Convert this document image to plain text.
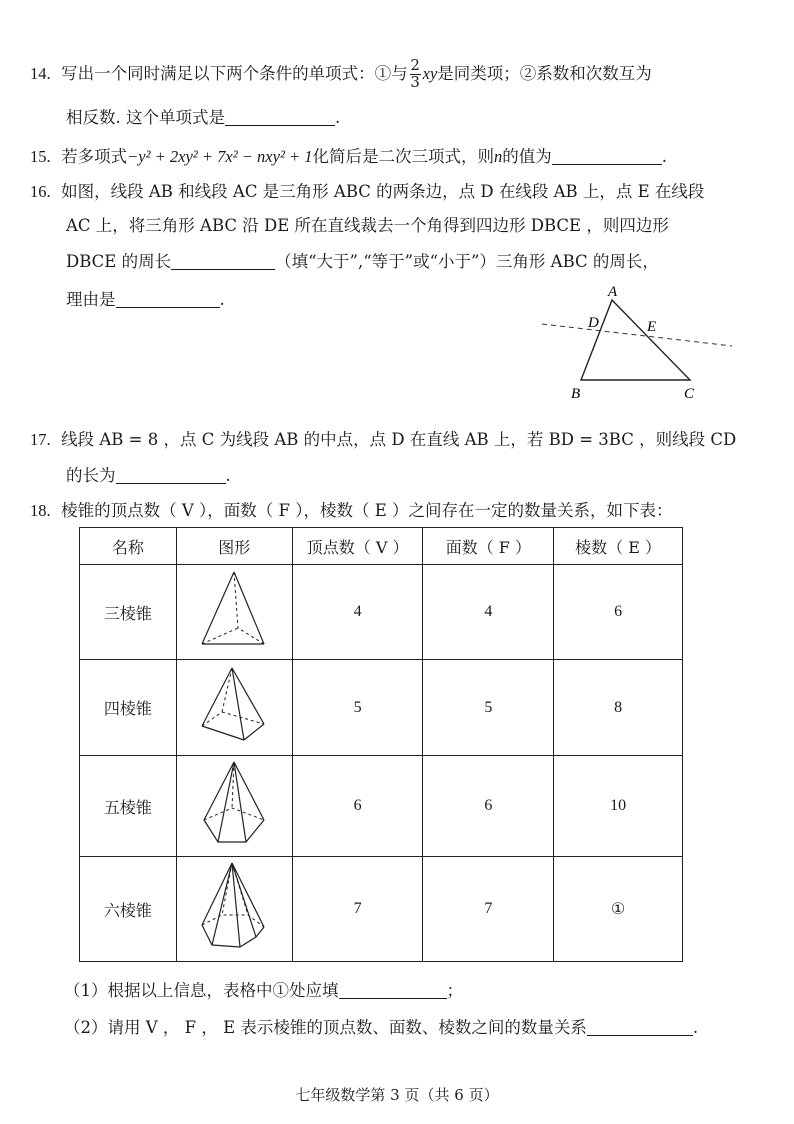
14. 写出一个同时满足以下两个条件的单项式：①与 $\frac{2}{3}$ xy是同类项；②系数和次数互为
相反数. 这个单项式是	.
15. 若多项式−y² + 2xy² + 7x² − nxy² + 1化简后是二次三项式，则n的值为	.
16. 如图，线段 AB 和线段 AC 是三角形 ABC 的两条边，点 D 在线段 AB 上，点 E 在线段
AC 上，将三角形 ABC 沿 DE 所在直线裁去一个角得到四边形 DBCE ，则四边形
DBCE 的周长	（填“大于”,“等于”或“小于”）三角形 ABC 的周长，
理由是	.	A
D	E
B	C
17. 线段 AB = 8 ，点 C 为线段 AB 的中点，点 D 在直线 AB 上，若 BD = 3BC ，则线段 CD
的长为	.
18. 棱锥的顶点数（ V ），面数（ F ），棱数（ E ）之间存在一定的数量关系，如下表：
名称	图形	顶点数（ V ）	面数（ F ）	棱数（ E ）
三棱锥		4	4	6
四棱锥		5	5	8
五棱锥		6	6	10
六棱锥		7	7	①
（1）根据以上信息，表格中①处应填	；
（2）请用 V ， F ， E 表示棱锥的顶点数、面数、棱数之间的数量关系	.
七年级数学第 3 页（共 6 页）
